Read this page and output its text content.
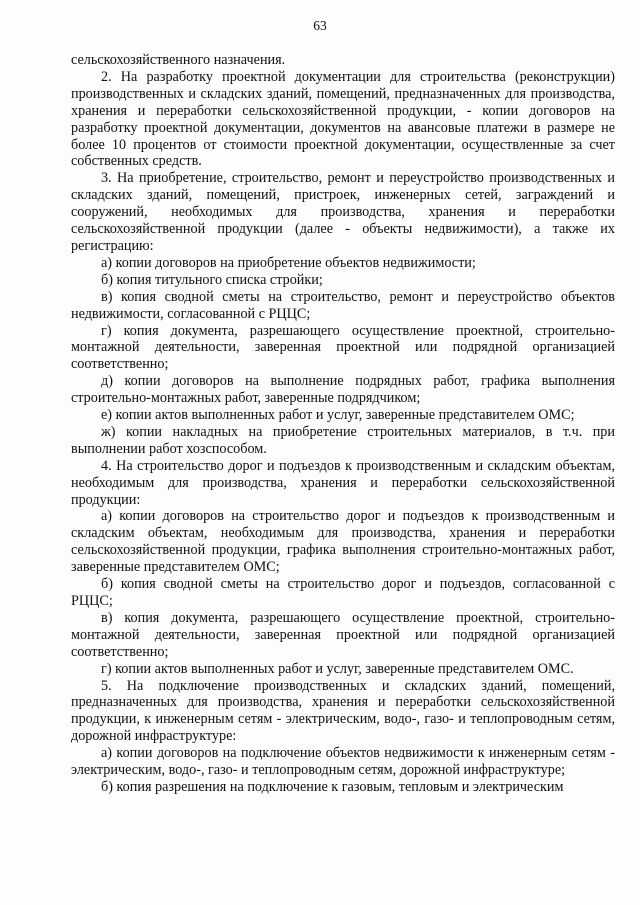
63

сельскохозяйственного назначения.

2. На разработку проектной документации для строительства (реконструкции) производственных и складских зданий, помещений, предназначенных для производства, хранения и переработки сельскохозяйственной продукции, - копии договоров на разработку проектной документации, документов на авансовые платежи в размере не более 10 процентов от стоимости проектной документации, осуществленные за счет собственных средств.

3. На приобретение, строительство, ремонт и переустройство производственных и складских зданий, помещений, пристроек, инженерных сетей, заграждений и сооружений, необходимых для производства, хранения и переработки сельскохозяйственной продукции (далее - объекты недвижимости), а также их регистрацию:

а) копии договоров на приобретение объектов недвижимости;

б) копия титульного списка стройки;

в) копия сводной сметы на строительство, ремонт и переустройство объектов недвижимости, согласованной с РЦЦС;

г) копия документа, разрешающего осуществление проектной, строительно-монтажной деятельности, заверенная проектной или подрядной организацией соответственно;

д) копии договоров на выполнение подрядных работ, графика выполнения строительно-монтажных работ, заверенные подрядчиком;

е) копии актов выполненных работ и услуг, заверенные представителем ОМС;

ж) копии накладных на приобретение строительных материалов, в т.ч. при выполнении работ хозспособом.

4. На строительство дорог и подъездов к производственным и складским объектам, необходимым для производства, хранения и переработки сельскохозяйственной продукции:

а) копии договоров на строительство дорог и подъездов к производственным и складским объектам, необходимым для производства, хранения и переработки сельскохозяйственной продукции, графика выполнения строительно-монтажных работ, заверенные представителем ОМС;

б) копия сводной сметы на строительство дорог и подъездов, согласованной с РЦЦС;

в) копия документа, разрешающего осуществление проектной, строительно-монтажной деятельности, заверенная проектной или подрядной организацией соответственно;

г) копии актов выполненных работ и услуг, заверенные представителем ОМС.

5. На подключение производственных и складских зданий, помещений, предназначенных для производства, хранения и переработки сельскохозяйственной продукции, к инженерным сетям - электрическим, водо-, газо- и теплопроводным сетям, дорожной инфраструктуре:

а) копии договоров на подключение объектов недвижимости к инженерным сетям - электрическим, водо-, газо- и теплопроводным сетям, дорожной инфраструктуре;

б) копия разрешения на подключение к газовым, тепловым и электрическим
